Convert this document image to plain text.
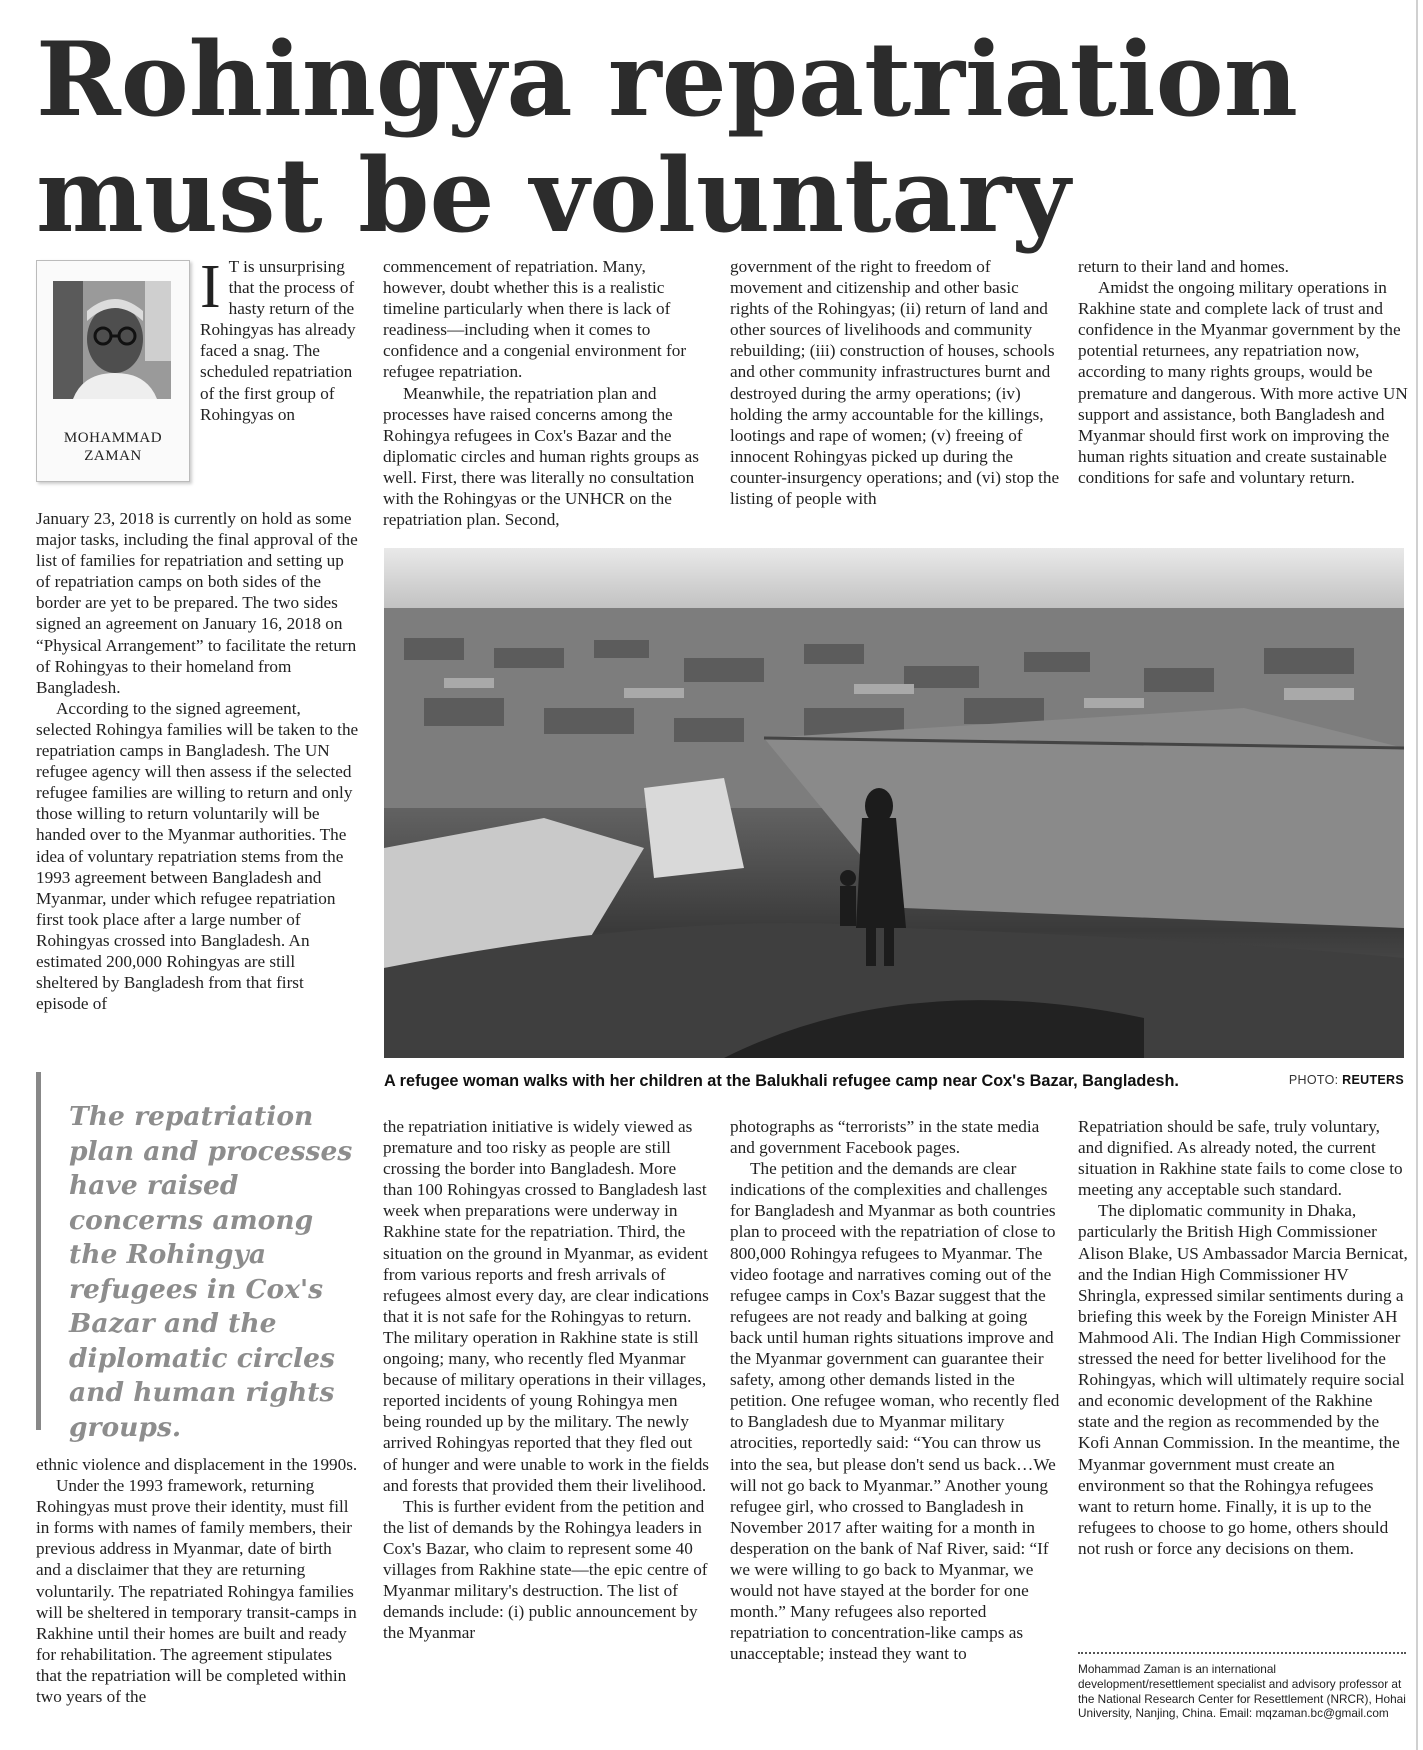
Rohingya repatriation
must be voluntary
MOHAMMAD
ZAMAN
I T is unsurprising that the process of hasty return of the Rohingyas has already faced a snag. The scheduled repatriation of the first group of Rohingyas on

January 23, 2018 is currently on hold as some major tasks, including the final approval of the list of families for repatriation and setting up of repatriation camps on both sides of the border are yet to be prepared. The two sides signed an agreement on January 16, 2018 on “Physical Arrangement” to facilitate the return of Rohingyas to their homeland from Bangladesh.

According to the signed agreement, selected Rohingya families will be taken to the repatriation camps in Bangladesh. The UN refugee agency will then assess if the selected refugee families are willing to return and only those willing to return voluntarily will be handed over to the Myanmar authorities. The idea of voluntary repatriation stems from the 1993 agreement between Bangladesh and Myanmar, under which refugee repatriation first took place after a large number of Rohingyas crossed into Bangladesh. An estimated 200,000 Rohingyas are still sheltered by Bangladesh from that first episode of

commencement of repatriation. Many, however, doubt whether this is a realistic timeline particularly when there is lack of readiness—including when it comes to confidence and a congenial environment for refugee repatriation.

Meanwhile, the repatriation plan and processes have raised concerns among the Rohingya refugees in Cox's Bazar and the diplomatic circles and human rights groups as well. First, there was literally no consultation with the Rohingyas or the UNHCR on the repatriation plan. Second,

government of the right to freedom of movement and citizenship and other basic rights of the Rohingyas; (ii) return of land and other sources of livelihoods and community rebuilding; (iii) construction of houses, schools and other community infrastructures burnt and destroyed during the army operations; (iv) holding the army accountable for the killings, lootings and rape of women; (v) freeing of innocent Rohingyas picked up during the counter-insurgency operations; and (vi) stop the listing of people with

return to their land and homes.

Amidst the ongoing military operations in Rakhine state and complete lack of trust and confidence in the Myanmar government by the potential returnees, any repatriation now, according to many rights groups, would be premature and dangerous. With more active UN support and assistance, both Bangladesh and Myanmar should first work on improving the human rights situation and create sustainable conditions for safe and voluntary return.

A refugee woman walks with her children at the Balukhali refugee camp near Cox's Bazar, Bangladesh.	PHOTO: REUTERS
The repatriation plan and processes have raised concerns among the Rohingya refugees in Cox's Bazar and the diplomatic circles and human rights groups.

ethnic violence and displacement in the 1990s.

Under the 1993 framework, returning Rohingyas must prove their identity, must fill in forms with names of family members, their previous address in Myanmar, date of birth and a disclaimer that they are returning voluntarily. The repatriated Rohingya families will be sheltered in temporary transit-camps in Rakhine until their homes are built and ready for rehabilitation. The agreement stipulates that the repatriation will be completed within two years of the

the repatriation initiative is widely viewed as premature and too risky as people are still crossing the border into Bangladesh. More than 100 Rohingyas crossed to Bangladesh last week when preparations were underway in Rakhine state for the repatriation. Third, the situation on the ground in Myanmar, as evident from various reports and fresh arrivals of refugees almost every day, are clear indications that it is not safe for the Rohingyas to return. The military operation in Rakhine state is still ongoing; many, who recently fled Myanmar because of military operations in their villages, reported incidents of young Rohingya men being rounded up by the military. The newly arrived Rohingyas reported that they fled out of hunger and were unable to work in the fields and forests that provided them their livelihood.

This is further evident from the petition and the list of demands by the Rohingya leaders in Cox's Bazar, who claim to represent some 40 villages from Rakhine state—the epic centre of Myanmar military's destruction. The list of demands include: (i) public announcement by the Myanmar

photographs as “terrorists” in the state media and government Facebook pages.

The petition and the demands are clear indications of the complexities and challenges for Bangladesh and Myanmar as both countries plan to proceed with the repatriation of close to 800,000 Rohingya refugees to Myanmar. The video footage and narratives coming out of the refugee camps in Cox's Bazar suggest that the refugees are not ready and balking at going back until human rights situations improve and the Myanmar government can guarantee their safety, among other demands listed in the petition. One refugee woman, who recently fled to Bangladesh due to Myanmar military atrocities, reportedly said: “You can throw us into the sea, but please don't send us back…We will not go back to Myanmar.” Another young refugee girl, who crossed to Bangladesh in November 2017 after waiting for a month in desperation on the bank of Naf River, said: “If we were willing to go back to Myanmar, we would not have stayed at the border for one month.” Many refugees also reported repatriation to concentration-like camps as unacceptable; instead they want to

Repatriation should be safe, truly voluntary, and dignified. As already noted, the current situation in Rakhine state fails to come close to meeting any acceptable such standard.

The diplomatic community in Dhaka, particularly the British High Commissioner Alison Blake, US Ambassador Marcia Bernicat, and the Indian High Commissioner HV Shringla, expressed similar sentiments during a briefing this week by the Foreign Minister AH Mahmood Ali. The Indian High Commissioner stressed the need for better livelihood for the Rohingyas, which will ultimately require social and economic development of the Rakhine state and the region as recommended by the Kofi Annan Commission. In the meantime, the Myanmar government must create an environment so that the Rohingya refugees want to return home. Finally, it is up to the refugees to choose to go home, others should not rush or force any decisions on them.

Mohammad Zaman is an international development/resettlement specialist and advisory professor at the National Research Center for Resettlement (NRCR), Hohai University, Nanjing, China. Email: mqzaman.bc@gmail.com
